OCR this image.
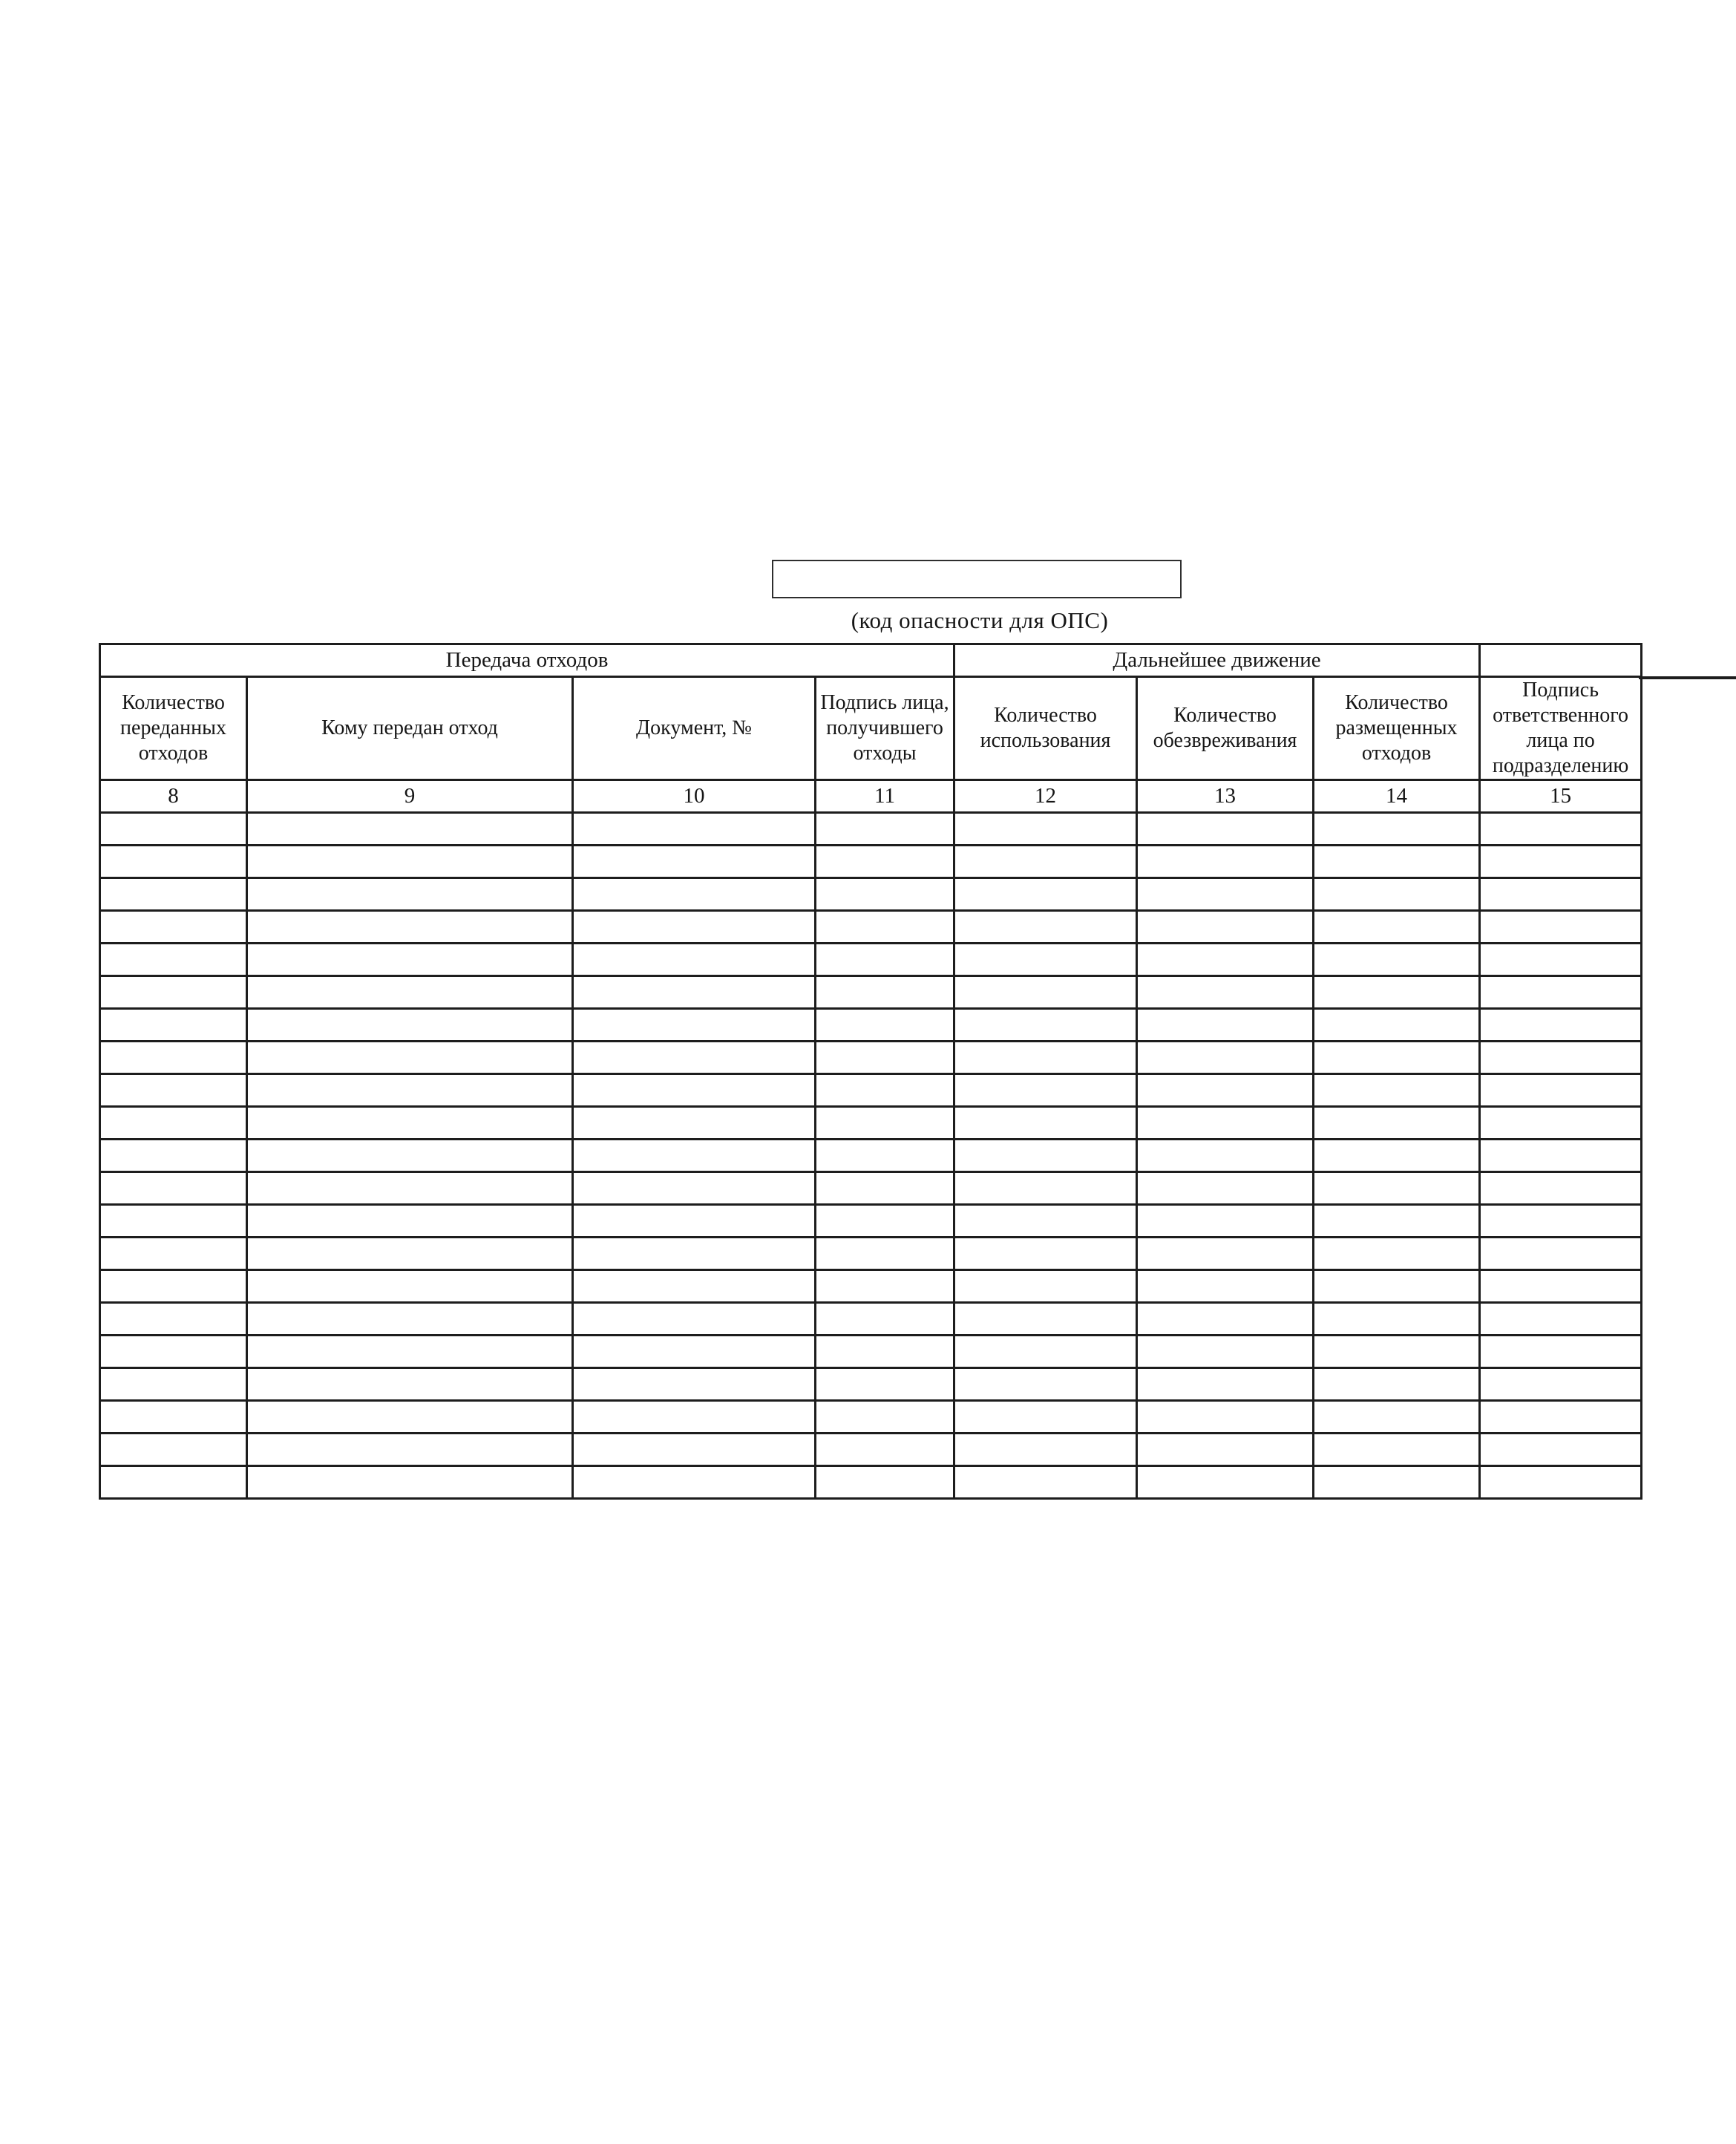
(код опасности для ОПС)
Передача отходов				Дальнейшее движение			
Количество переданных отходов	Кому передан отход	Документ, №	Подпись лица, получившего отходы	Количество использования	Количество обезвреживания	Количество размещенных отходов	Подпись ответственного лица по подразделению
8	9	10	11	12	13	14	15
